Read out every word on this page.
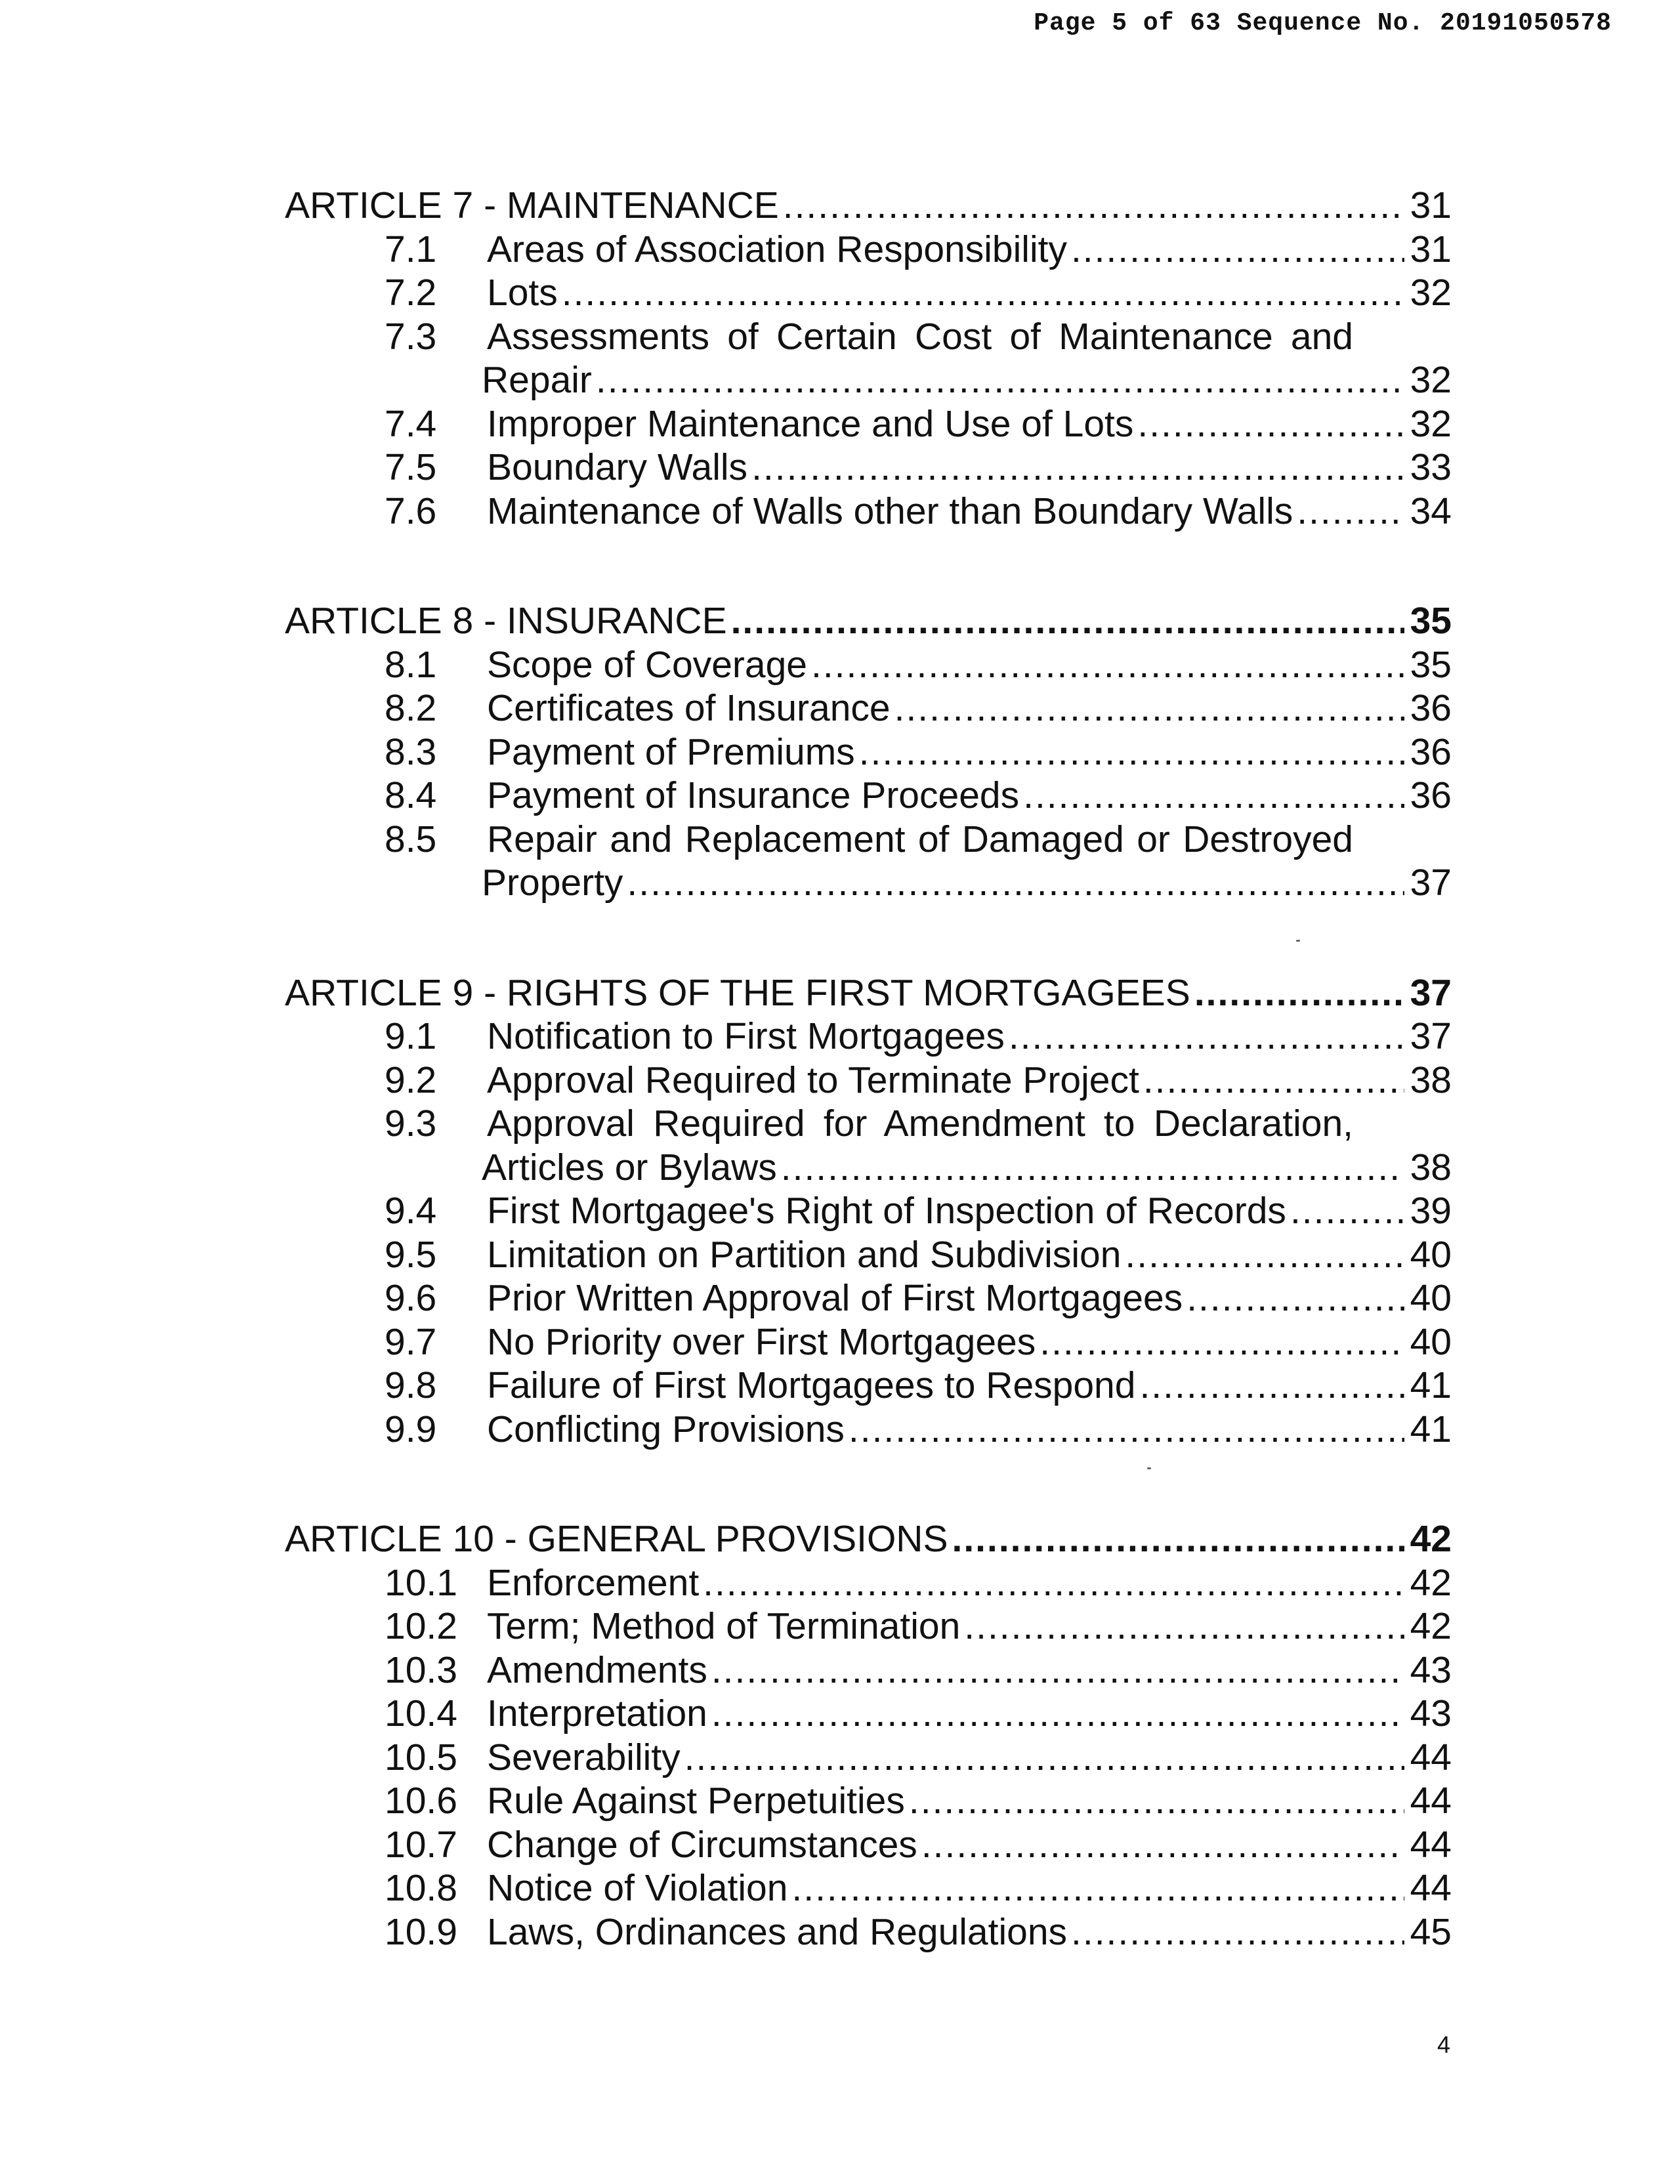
Page 5 of 63 Sequence No. 20191050578
ARTICLE 7 - MAINTENANCE .....	31
7.1	Areas of Association Responsibility .....	31
7.2	Lots .....	32
7.3	Assessments of Certain Cost of Maintenance and
Repair .....	32
7.4	Improper Maintenance and Use of Lots .....	32
7.5	Boundary Walls .....	33
7.6	Maintenance of Walls other than Boundary Walls .....	34
ARTICLE 8 - INSURANCE .....	35
8.1	Scope of Coverage .....	35
8.2	Certificates of Insurance .....	36
8.3	Payment of Premiums .....	36
8.4	Payment of Insurance Proceeds .....	36
8.5	Repair and Replacement of Damaged or Destroyed
Property .....	37
ARTICLE 9 - RIGHTS OF THE FIRST MORTGAGEES .....	37
9.1	Notification to First Mortgagees .....	37
9.2	Approval Required to Terminate Project .....	38
9.3	Approval Required for Amendment to Declaration,
Articles or Bylaws .....	38
9.4	First Mortgagee's Right of Inspection of Records .....	39
9.5	Limitation on Partition and Subdivision .....	40
9.6	Prior Written Approval of First Mortgagees .....	40
9.7	No Priority over First Mortgagees .....	40
9.8	Failure of First Mortgagees to Respond .....	41
9.9	Conflicting Provisions .....	41
ARTICLE 10 - GENERAL PROVISIONS .....	42
10.1 Enforcement .....	42
10.2 Term; Method of Termination .....	42
10.3 Amendments .....	43
10.4 Interpretation .....	43
10.5 Severability .....	44
10.6 Rule Against Perpetuities .....	44
10.7 Change of Circumstances .....	44
10.8 Notice of Violation .....	44
10.9 Laws, Ordinances and Regulations .....	45
4
